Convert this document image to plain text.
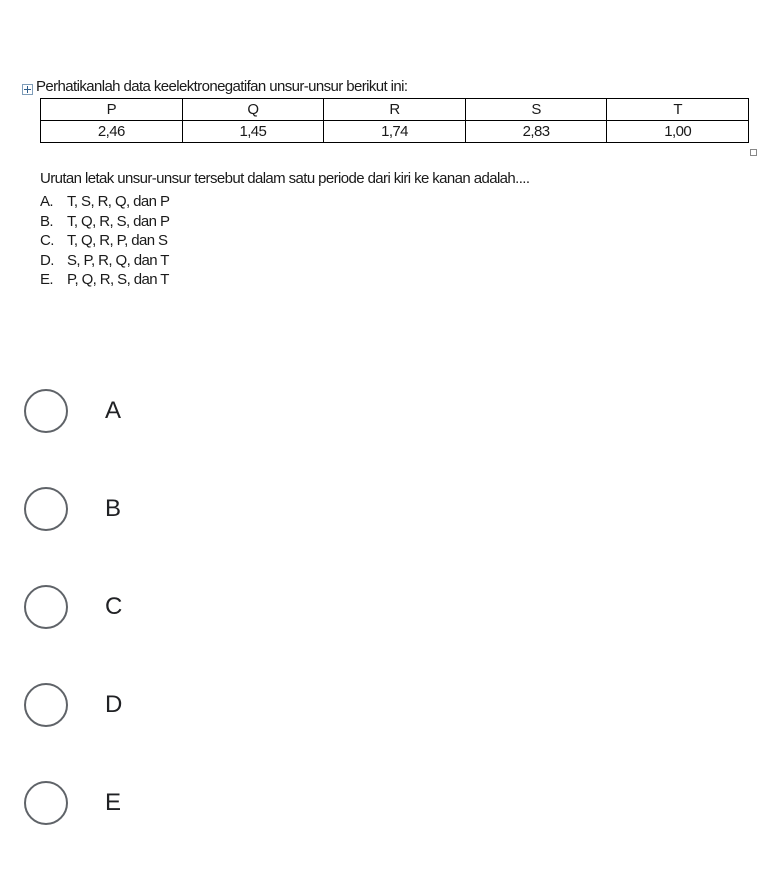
Perhatikanlah data keelektronegatifan unsur-unsur berikut ini:
P	Q	R	S	T
2,46	1,45	1,74	2,83	1,00
Urutan letak unsur-unsur tersebut dalam satu periode dari kiri ke kanan adalah....
A. T, S, R, Q, dan P
B. T, Q, R, S, dan P
C. T, Q, R, P, dan S
D. S, P, R, Q, dan T
E. P, Q, R, S, dan T
A
B
C
D
E
